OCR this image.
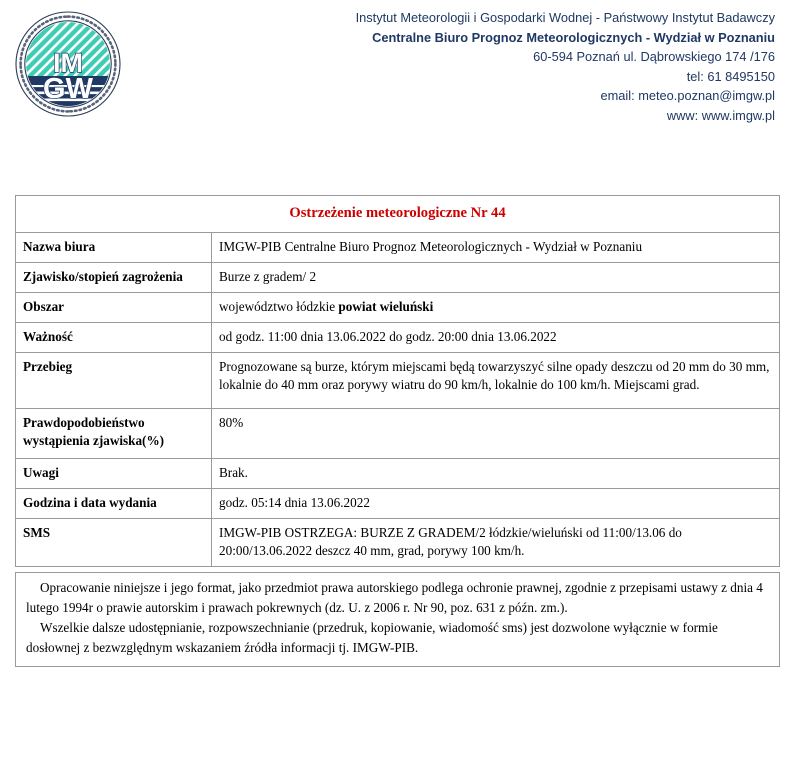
IM
GW
Instytut Meteorologii i Gospodarki Wodnej - Państwowy Instytut Badawczy
Centralne Biuro Prognoz Meteorologicznych - Wydział w Poznaniu
60-594 Poznań ul. Dąbrowskiego 174 /176
tel: 61 8495150
email: meteo.poznan@imgw.pl
www: www.imgw.pl
Ostrzeżenie meteorologiczne Nr 44	
Nazwa biura	IMGW-PIB Centralne Biuro Prognoz Meteorologicznych - Wydział w Poznaniu
Zjawisko/stopień zagrożenia	Burze z gradem/ 2
Obszar	województwo łódzkie powiat wieluński
Ważność	od godz. 11:00 dnia 13.06.2022 do godz. 20:00 dnia 13.06.2022
Przebieg	Prognozowane są burze, którym miejscami będą towarzyszyć silne opady deszczu od 20 mm do 30 mm, lokalnie do 40 mm oraz porywy wiatru do 90 km/h, lokalnie do 100 km/h. Miejscami grad.
Prawdopodobieństwo wystąpienia zjawiska(%)	80%
Uwagi	Brak.
Godzina i data wydania	godz. 05:14 dnia 13.06.2022
SMS	IMGW-PIB OSTRZEGA: BURZE Z GRADEM/2 łódzkie/wieluński od 11:00/13.06 do 20:00/13.06.2022 deszcz 40 mm, grad, porywy 100 km/h.

Opracowanie niniejsze i jego format, jako przedmiot prawa autorskiego podlega ochronie prawnej, zgodnie z przepisami ustawy z dnia 4 lutego 1994r o prawie autorskim i prawach pokrewnych (dz. U. z 2006 r. Nr 90, poz. 631 z późn. zm.).

Wszelkie dalsze udostępnianie, rozpowszechnianie (przedruk, kopiowanie, wiadomość sms) jest dozwolone wyłącznie w formie dosłownej z bezwzględnym wskazaniem źródła informacji tj. IMGW-PIB.
